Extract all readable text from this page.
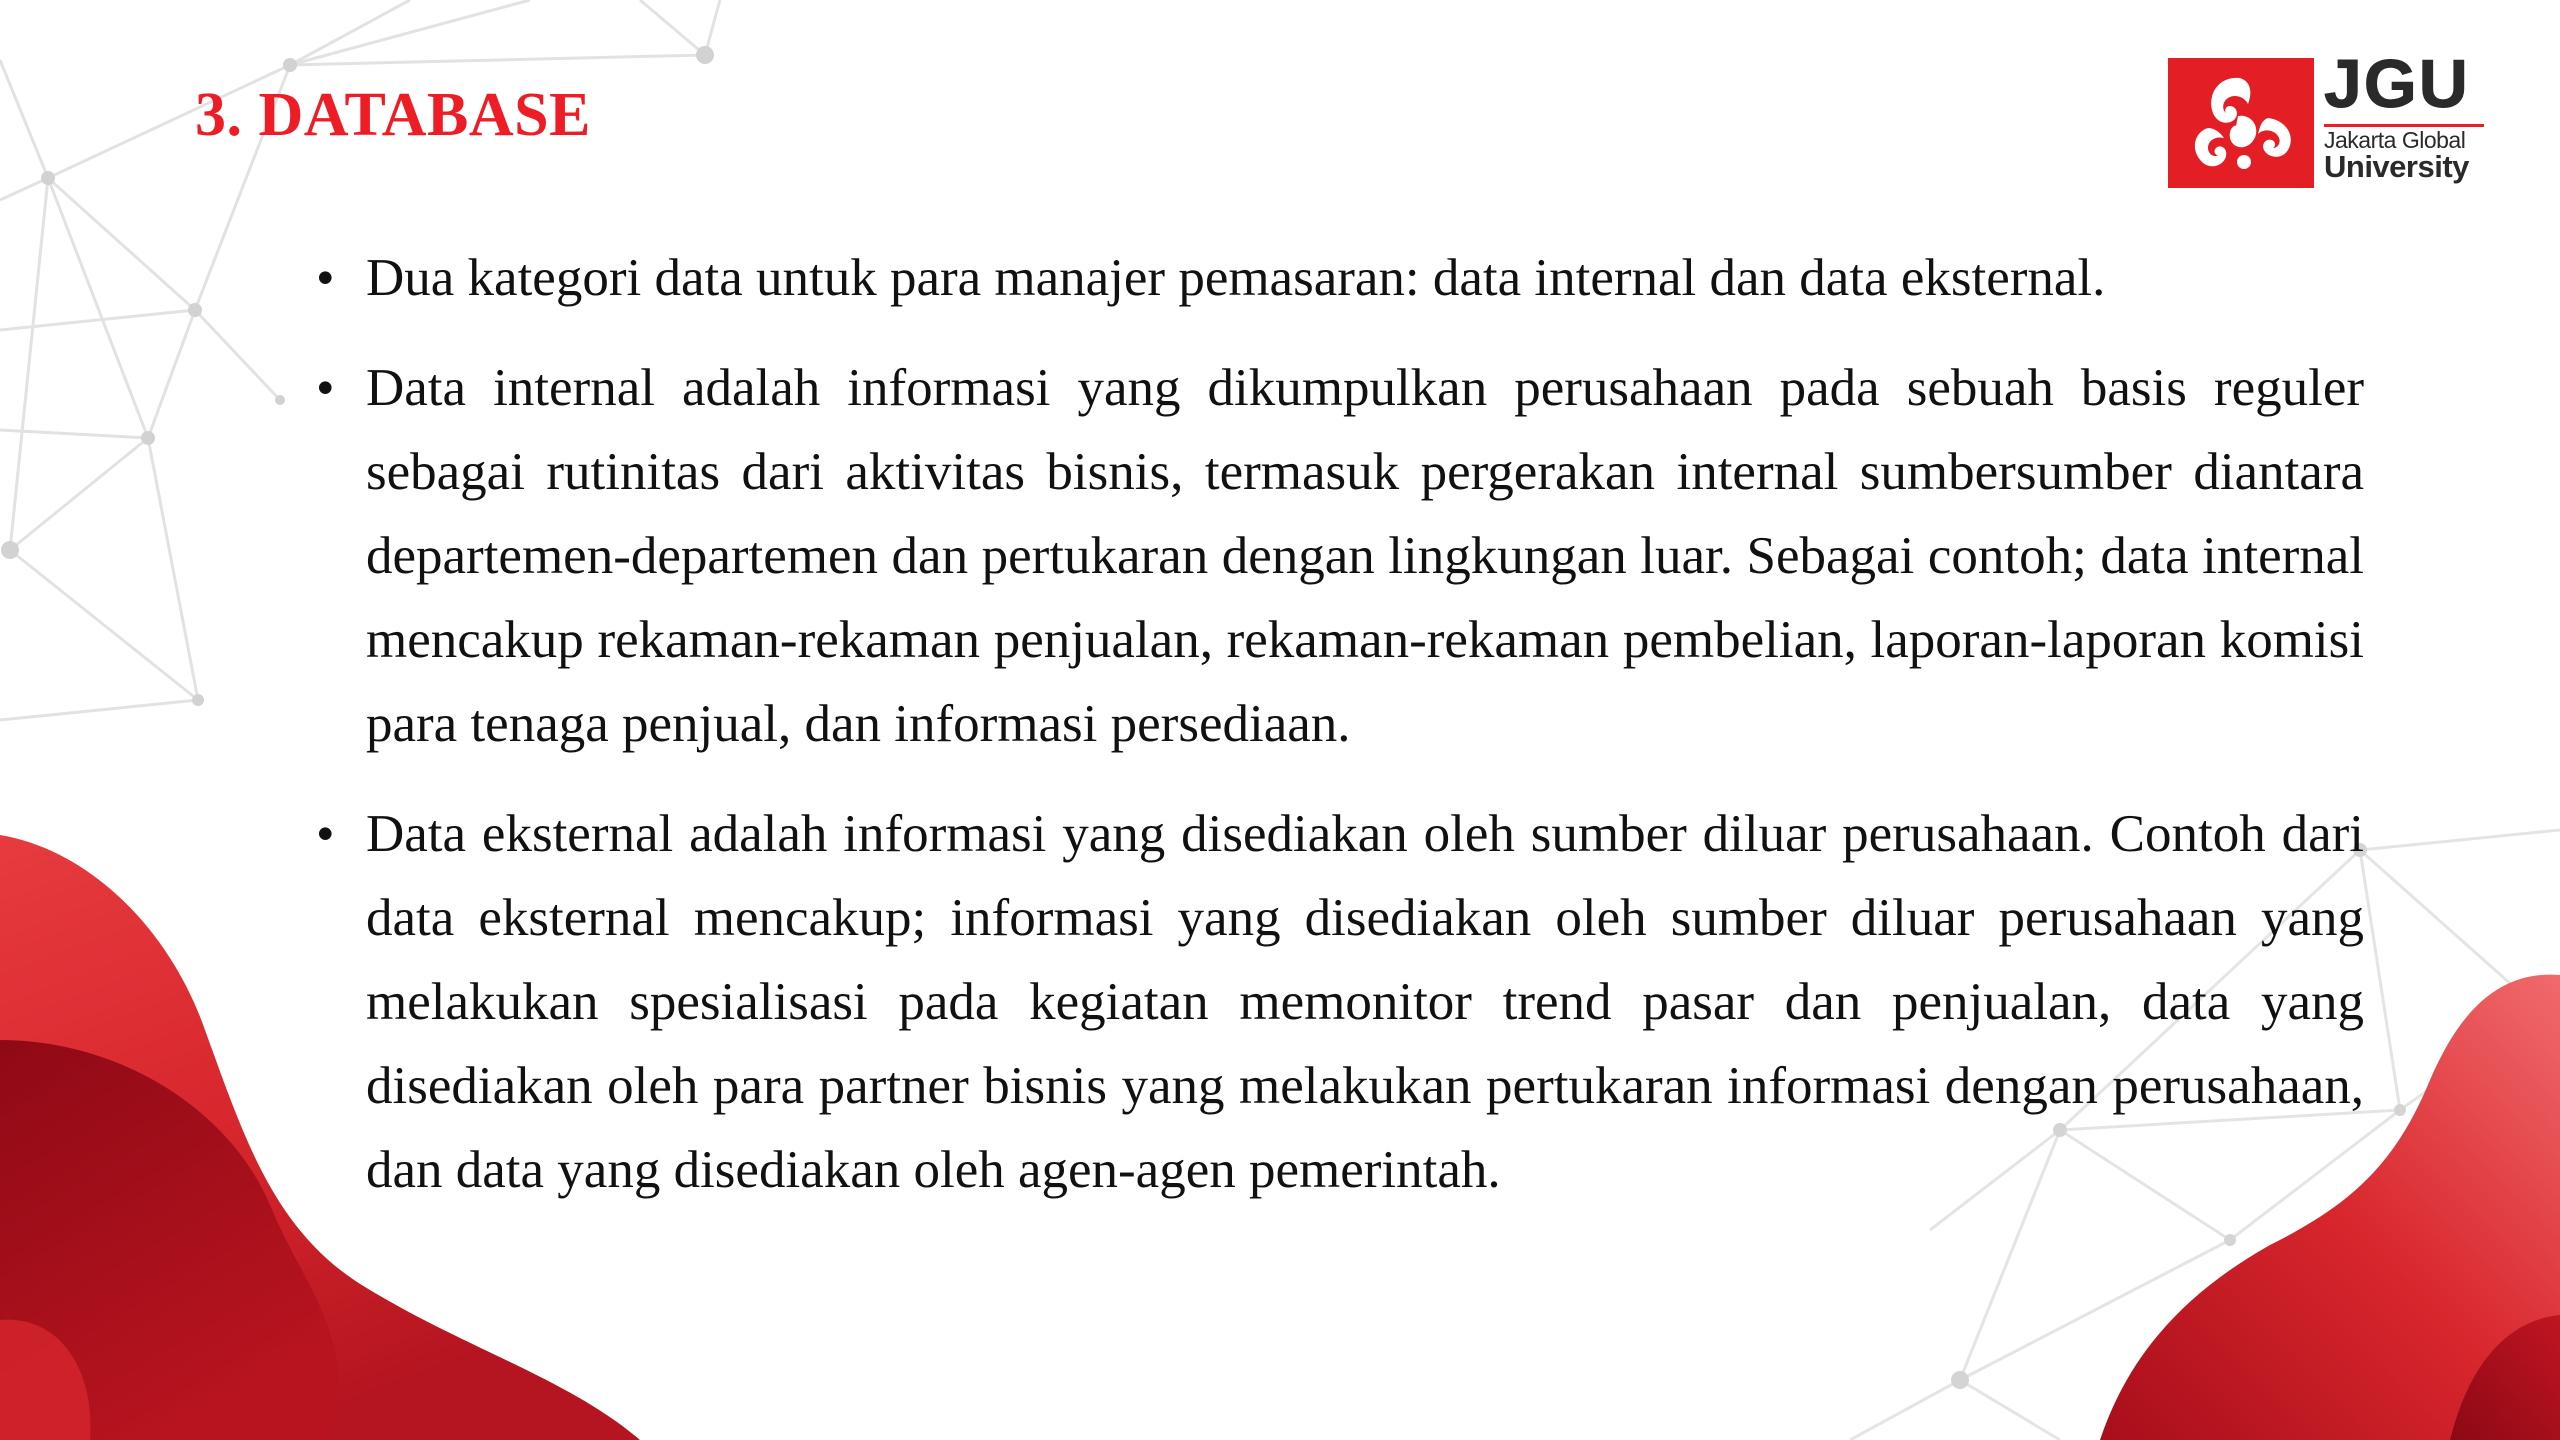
3. DATABASE	JGU
Jakarta Global
University
• Dua kategori data untuk para manajer pemasaran: data internal dan data eksternal.
• Data internal adalah informasi yang dikumpulkan perusahaan pada sebuah basis reguler sebagai rutinitas dari aktivitas bisnis, termasuk pergerakan internal sumbersumber diantara departemen-departemen dan pertukaran dengan lingkungan luar. Sebagai contoh; data internal mencakup rekaman-rekaman penjualan, rekaman-rekaman pembelian, laporan-laporan komisi para tenaga penjual, dan informasi persediaan.
• Data eksternal adalah informasi yang disediakan oleh sumber diluar perusahaan. Contoh dari data eksternal mencakup; informasi yang disediakan oleh sumber diluar perusahaan yang melakukan spesialisasi pada kegiatan memonitor trend pasar dan penjualan, data yang disediakan oleh para partner bisnis yang melakukan pertukaran informasi dengan perusahaan, dan data yang disediakan oleh agen-agen pemerintah.
